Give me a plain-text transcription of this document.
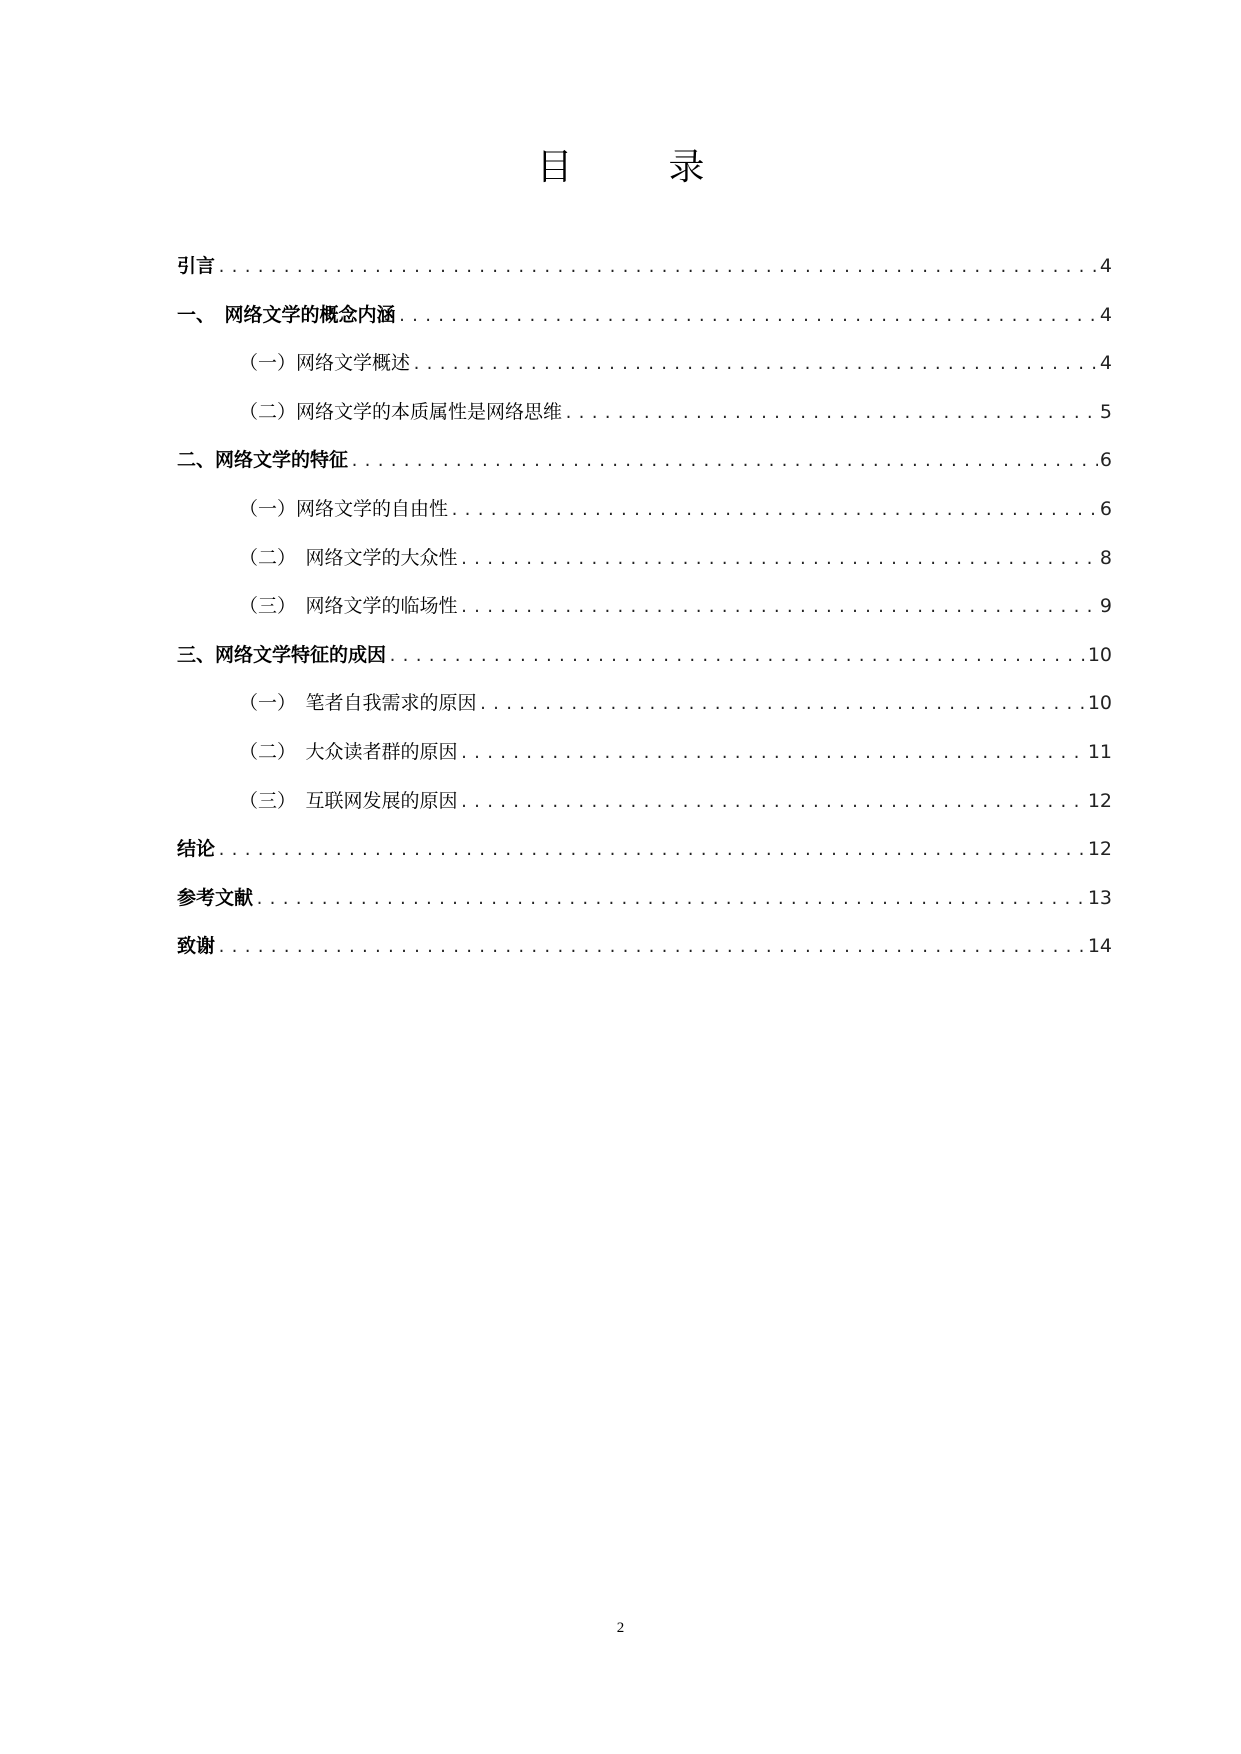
目　录
引言 .....	4
一、　网络文学的概念内涵 .....	4
（一）网络文学概述 .....	4
（二）网络文学的本质属性是网络思维 .....	5
二、网络文学的特征 .....	6
（一）网络文学的自由性 .....	6
（二）　网络文学的大众性 .....	8
（三）　网络文学的临场性 .....	9
三、网络文学特征的成因 .....	10
（一）　笔者自我需求的原因 .....	10
（二）　大众读者群的原因 .....	11
（三）　互联网发展的原因 .....	12
结论 .....	12
参考文献 .....	13
致谢 .....	14
2
